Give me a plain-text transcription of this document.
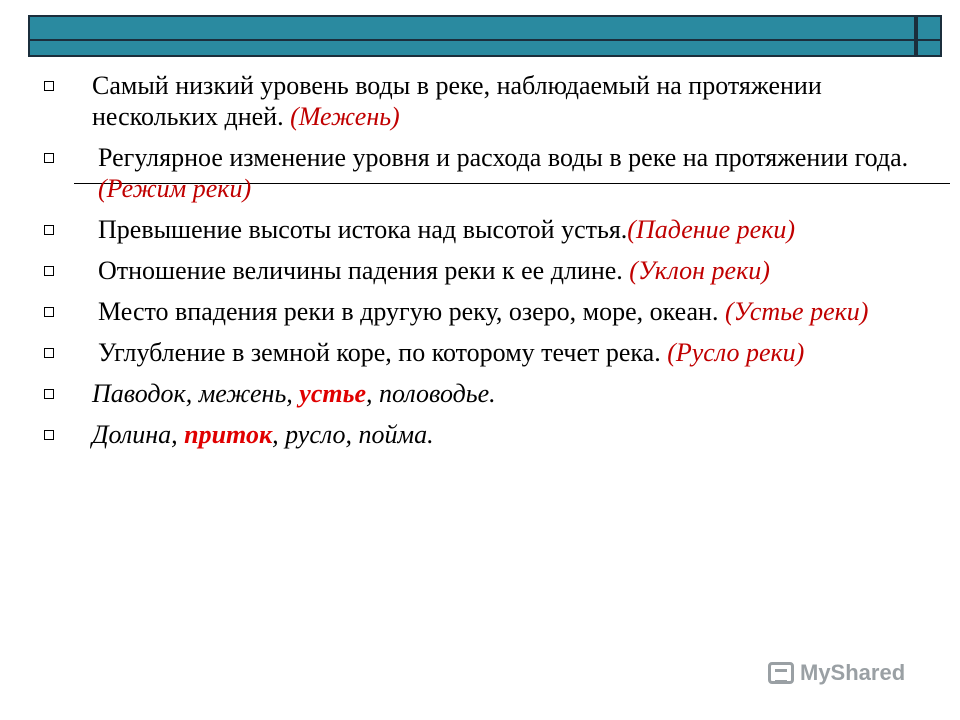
Самый низкий уровень воды в реке, наблюдаемый на протяжении нескольких дней. (Межень)
Регулярное изменение уровня и расхода воды в реке на протяжении года. (Режим реки)
Превышение высоты истока над высотой устья.(Падение реки)
Отношение величины падения реки к ее длине. (Уклон реки)
Место впадения реки в другую реку, озеро, море, океан. (Устье реки)
Углубление в земной коре, по которому течет река. (Русло реки)
Паводок, межень, устье, половодье.
Долина, приток, русло, пойма.
MyShared
